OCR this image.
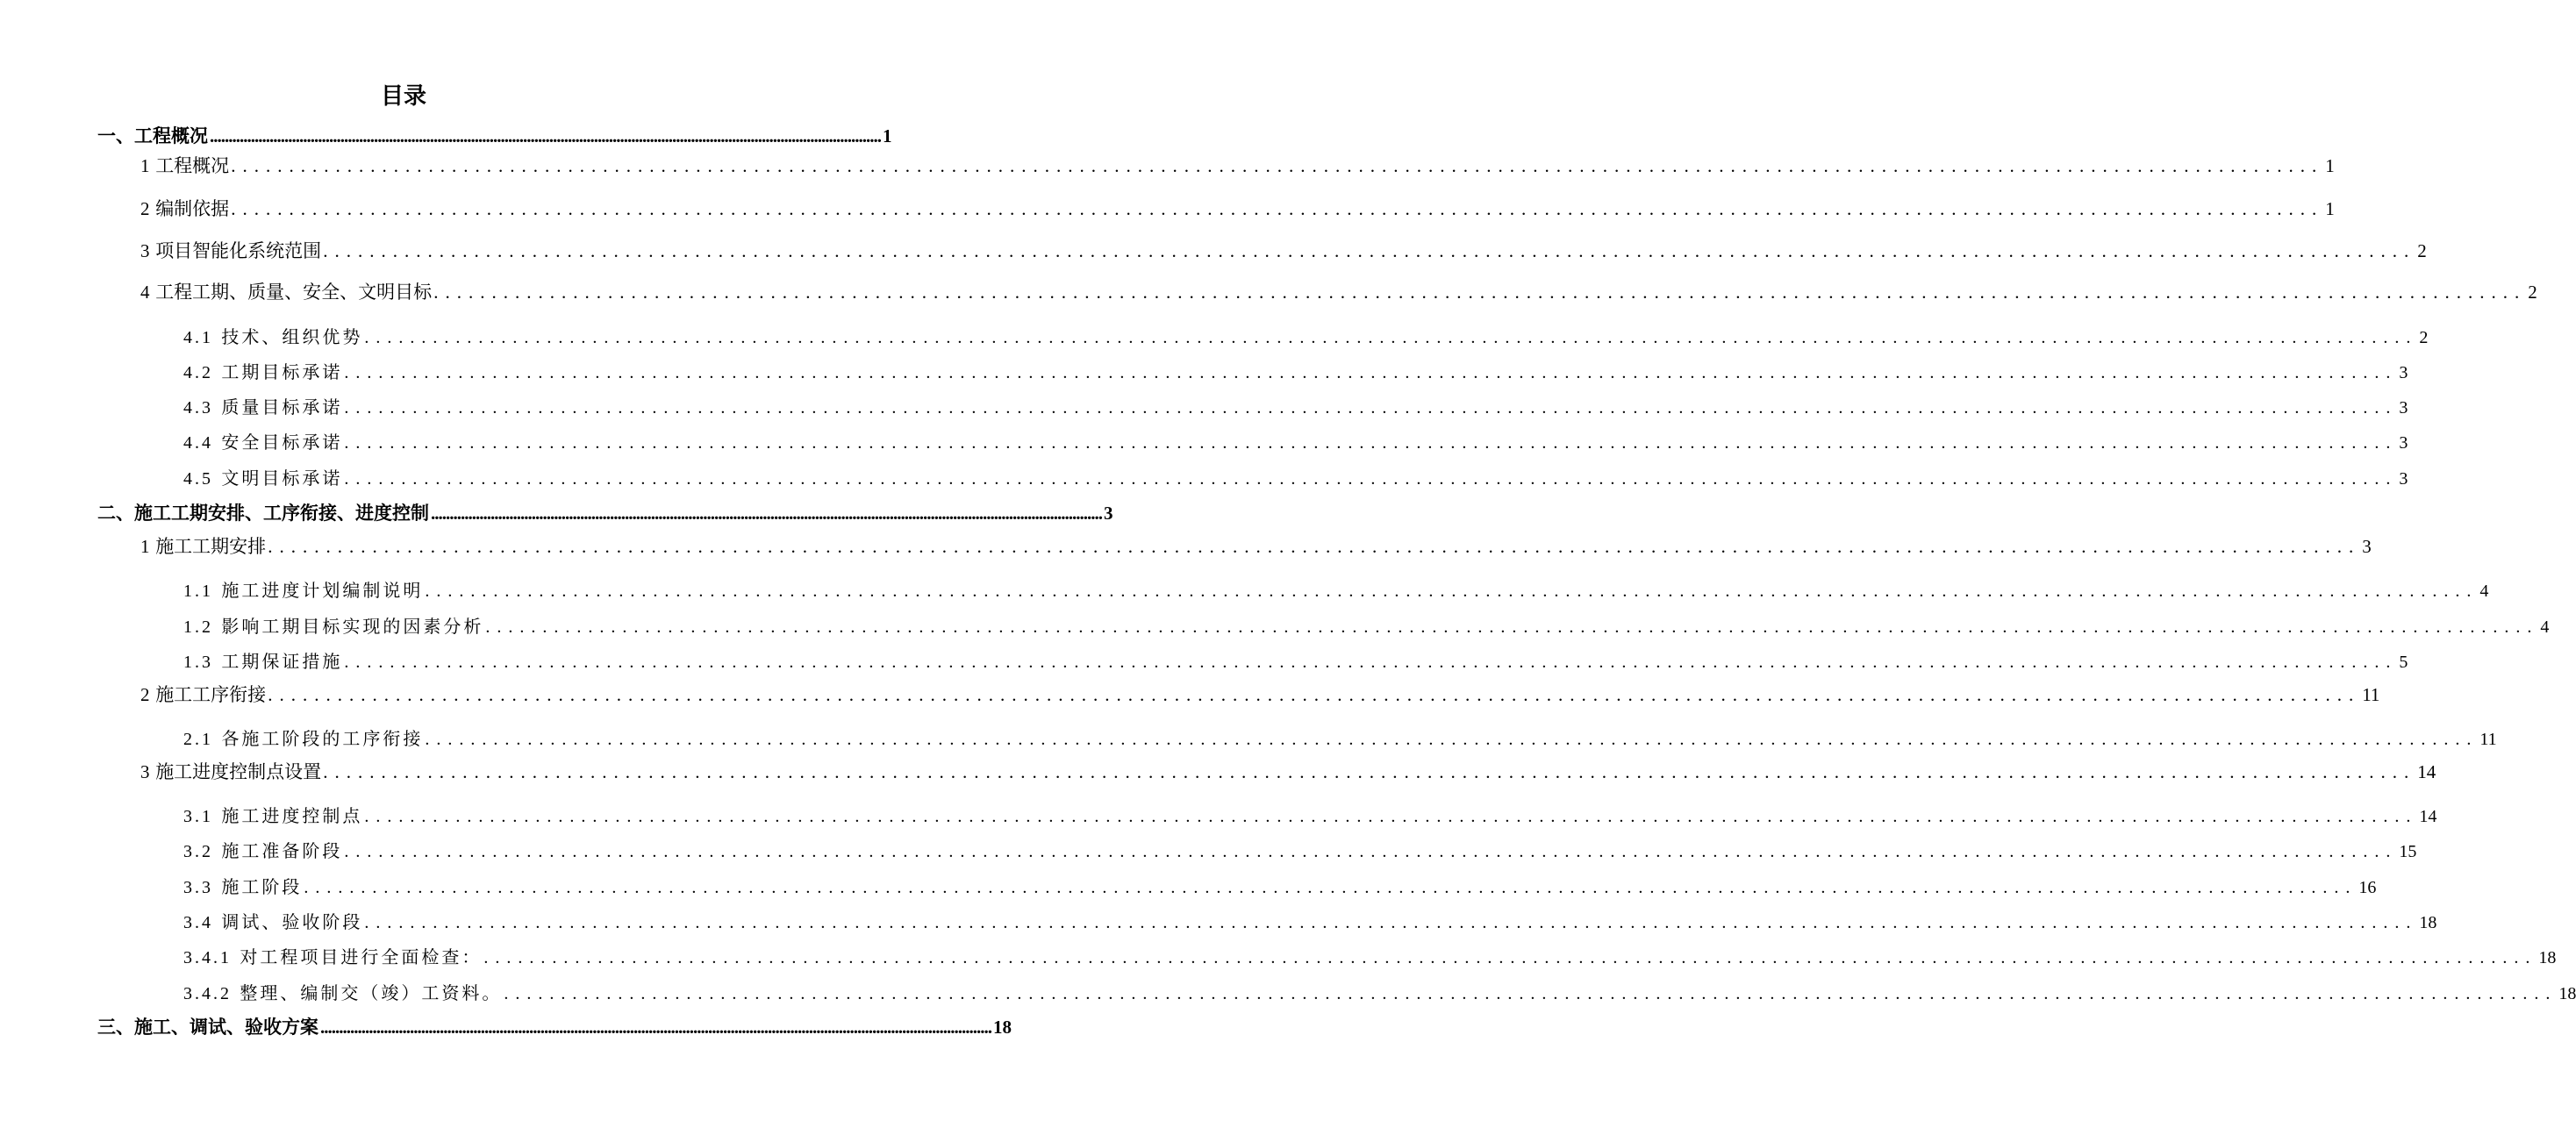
目录
一、工程概况 .................................................................................................................................................................................... 1
1 工程概况 .................................................................................................................................................................................... 1
2 编制依据 .................................................................................................................................................................................... 1
3 项目智能化系统范围 .................................................................................................................................................................................... 2
4 工程工期、质量、安全、文明目标 .................................................................................................................................................................................... 2
4.1 技术、组织优势 .................................................................................................................................................................................... 2
4.2 工期目标承诺 .................................................................................................................................................................................... 3
4.3 质量目标承诺 .................................................................................................................................................................................... 3
4.4 安全目标承诺 .................................................................................................................................................................................... 3
4.5 文明目标承诺 .................................................................................................................................................................................... 3
二、施工工期安排、工序衔接、进度控制 .................................................................................................................................................................................... 3
1 施工工期安排 .................................................................................................................................................................................... 3
1.1 施工进度计划编制说明 .................................................................................................................................................................................... 4
1.2 影响工期目标实现的因素分析 .................................................................................................................................................................................... 4
1.3 工期保证措施 .................................................................................................................................................................................... 5
2 施工工序衔接 .................................................................................................................................................................................... 11
2.1 各施工阶段的工序衔接 .................................................................................................................................................................................... 11
3 施工进度控制点设置 .................................................................................................................................................................................... 14
3.1 施工进度控制点 .................................................................................................................................................................................... 14
3.2 施工准备阶段 .................................................................................................................................................................................... 15
3.3 施工阶段 .................................................................................................................................................................................... 16
3.4 调试、验收阶段 .................................................................................................................................................................................... 18
3.4.1 对工程项目进行全面检查： .................................................................................................................................................................................... 18
3.4.2 整理、编制交（竣）工资料。 .................................................................................................................................................................................... 18
三、施工、调试、验收方案 .................................................................................................................................................................................... 18
